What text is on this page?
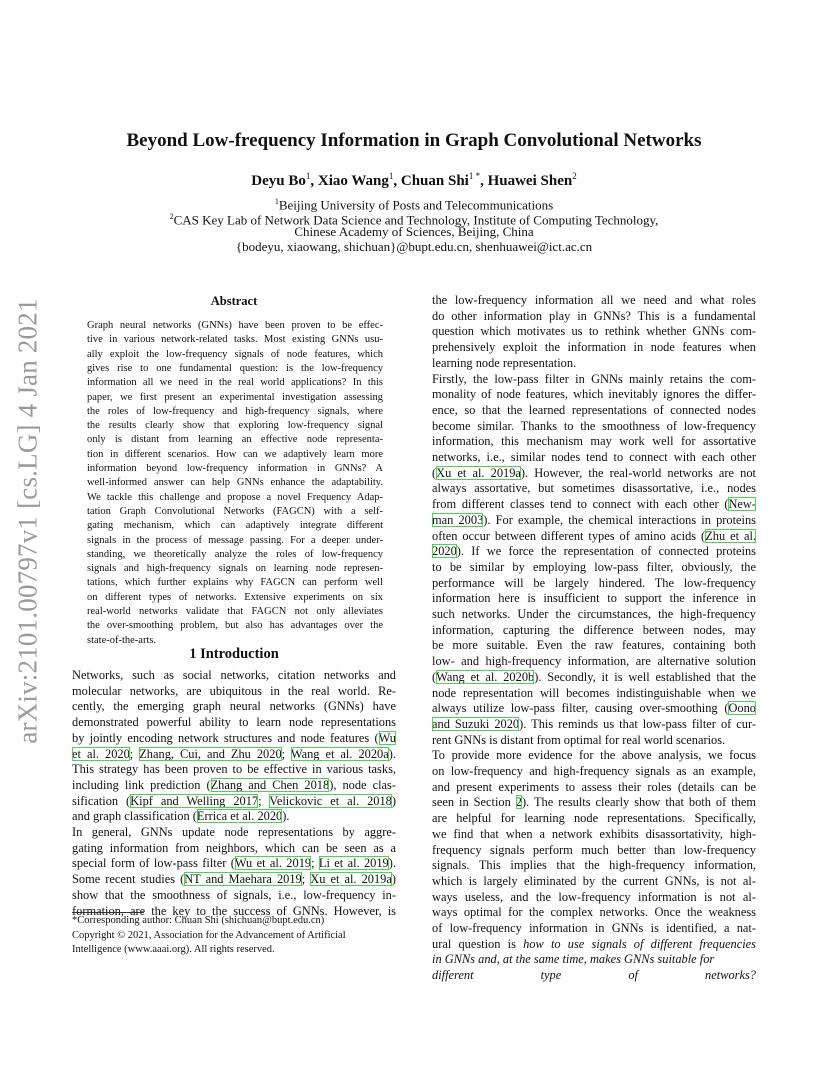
arXiv:2101.00797v1 [cs.LG] 4 Jan 2021
Beyond Low-frequency Information in Graph Convolutional Networks
Deyu Bo$^1$, Xiao Wang$^1$, Chuan Shi$^{1 *}$, Huawei Shen$^2$
$^1$Beijing University of Posts and Telecommunications
$^2$CAS Key Lab of Network Data Science and Technology, Institute of Computing Technology,
Chinese Academy of Sciences, Beijing, China
{bodeyu, xiaowang, shichuan}@bupt.edu.cn, shenhuawei@ict.ac.cn
Abstract
Graph neural networks (GNNs) have been proven to be effec-
tive in various network-related tasks. Most existing GNNs usu-
ally exploit the low-frequency signals of node features, which
gives rise to one fundamental question: is the low-frequency
information all we need in the real world applications? In this
paper, we first present an experimental investigation assessing
the roles of low-frequency and high-frequency signals, where
the results clearly show that exploring low-frequency signal
only is distant from learning an effective node representa-
tion in different scenarios. How can we adaptively learn more
information beyond low-frequency information in GNNs? A
well-informed answer can help GNNs enhance the adaptability.
We tackle this challenge and propose a novel Frequency Adap-
tation Graph Convolutional Networks (FAGCN) with a self-
gating mechanism, which can adaptively integrate different
signals in the process of message passing. For a deeper under-
standing, we theoretically analyze the roles of low-frequency
signals and high-frequency signals on learning node represen-
tations, which further explains why FAGCN can perform well
on different types of networks. Extensive experiments on six
real-world networks validate that FAGCN not only alleviates
the over-smoothing problem, but also has advantages over the
state-of-the-arts.
1 Introduction
Networks, such as social networks, citation networks and
molecular networks, are ubiquitous in the real world. Re-
cently, the emerging graph neural networks (GNNs) have
demonstrated powerful ability to learn node representations
by jointly encoding network structures and node features (Wu
et al. 2020; Zhang, Cui, and Zhu 2020; Wang et al. 2020a).
This strategy has been proven to be effective in various tasks,
including link prediction (Zhang and Chen 2018), node clas-
sification (Kipf and Welling 2017; Velickovic et al. 2018)
and graph classification (Errica et al. 2020).
In general, GNNs update node representations by aggre-
gating information from neighbors, which can be seen as a
special form of low-pass filter (Wu et al. 2019; Li et al. 2019).
Some recent studies (NT and Maehara 2019; Xu et al. 2019a)
show that the smoothness of signals, i.e., low-frequency in-
formation, are the key to the success of GNNs. However, is
the low-frequency information all we need and what roles
do other information play in GNNs? This is a fundamental
question which motivates us to rethink whether GNNs com-
prehensively exploit the information in node features when
learning node representation.
Firstly, the low-pass filter in GNNs mainly retains the com-
monality of node features, which inevitably ignores the differ-
ence, so that the learned representations of connected nodes
become similar. Thanks to the smoothness of low-frequency
information, this mechanism may work well for assortative
networks, i.e., similar nodes tend to connect with each other
(Xu et al. 2019a). However, the real-world networks are not
always assortative, but sometimes disassortative, i.e., nodes
from different classes tend to connect with each other (New-
man 2003). For example, the chemical interactions in proteins
often occur between different types of amino acids (Zhu et al.
2020). If we force the representation of connected proteins
to be similar by employing low-pass filter, obviously, the
performance will be largely hindered. The low-frequency
information here is insufficient to support the inference in
such networks. Under the circumstances, the high-frequency
information, capturing the difference between nodes, may
be more suitable. Even the raw features, containing both
low- and high-frequency information, are alternative solution
(Wang et al. 2020b). Secondly, it is well established that the
node representation will becomes indistinguishable when we
always utilize low-pass filter, causing over-smoothing (Oono
and Suzuki 2020). This reminds us that low-pass filter of cur-
rent GNNs is distant from optimal for real world scenarios.
To provide more evidence for the above analysis, we focus
on low-frequency and high-frequency signals as an example,
and present experiments to assess their roles (details can be
seen in Section 2). The results clearly show that both of them
are helpful for learning node representations. Specifically,
we find that when a network exhibits disassortativity, high-
frequency signals perform much better than low-frequency
signals. This implies that the high-frequency information,
which is largely eliminated by the current GNNs, is not al-
ways useless, and the low-frequency information is not al-
ways optimal for the complex networks. Once the weakness
of low-frequency information in GNNs is identified, a nat-
ural question is how to use signals of different frequencies
in GNNs and, at the same time, makes GNNs suitable for
different type of networks?
*Corresponding author: Chuan Shi (shichuan@bupt.edu.cn)
Copyright © 2021, Association for the Advancement of Artificial
Intelligence (www.aaai.org). All rights reserved.
